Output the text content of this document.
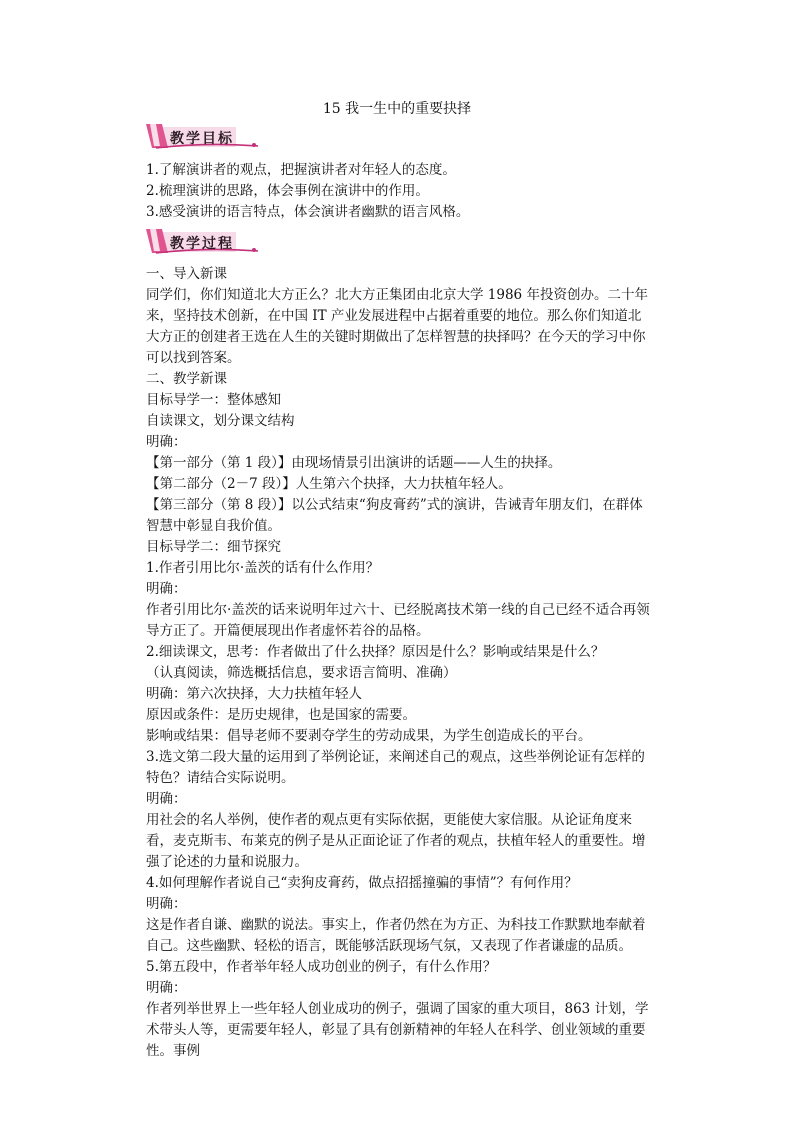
15 我一生中的重要抉择
教学目标
1.了解演讲者的观点，把握演讲者对年轻人的态度。
2.梳理演讲的思路，体会事例在演讲中的作用。
3.感受演讲的语言特点，体会演讲者幽默的语言风格。
教学过程

一、导入新课

同学们，你们知道北大方正么？北大方正集团由北京大学 1986 年投资创办。二十年来，坚持技术创新，在中国 IT 产业发展进程中占据着重要的地位。那么你们知道北大方正的创建者王选在人生的关键时期做出了怎样智慧的抉择吗？在今天的学习中你可以找到答案。

二、教学新课

目标导学一：整体感知

自读课文，划分课文结构

明确：

【第一部分（第 1 段）】由现场情景引出演讲的话题——人生的抉择。

【第二部分（2－7 段）】人生第六个抉择，大力扶植年轻人。

【第三部分（第 8 段）】以公式结束“狗皮膏药”式的演讲，告诫青年朋友们，在群体智慧中彰显自我价值。

目标导学二：细节探究

1.作者引用比尔·盖茨的话有什么作用？

明确：

作者引用比尔·盖茨的话来说明年过六十、已经脱离技术第一线的自己已经不适合再领导方正了。开篇便展现出作者虚怀若谷的品格。

2.细读课文，思考：作者做出了什么抉择？原因是什么？影响或结果是什么？

（认真阅读，筛选概括信息，要求语言简明、准确）

明确：第六次抉择，大力扶植年轻人

原因或条件：是历史规律，也是国家的需要。

影响或结果：倡导老师不要剥夺学生的劳动成果，为学生创造成长的平台。

3.选文第二段大量的运用到了举例论证，来阐述自己的观点，这些举例论证有怎样的特色？请结合实际说明。

明确：

用社会的名人举例，使作者的观点更有实际依据，更能使大家信服。从论证角度来看，麦克斯韦、布莱克的例子是从正面论证了作者的观点，扶植年轻人的重要性。增强了论述的力量和说服力。

4.如何理解作者说自己“卖狗皮膏药，做点招摇撞骗的事情”？有何作用？

明确：

这是作者自谦、幽默的说法。事实上，作者仍然在为方正、为科技工作默默地奉献着自己。这些幽默、轻松的语言，既能够活跃现场气氛，又表现了作者谦虚的品质。

5.第五段中，作者举年轻人成功创业的例子，有什么作用？

明确：

作者列举世界上一些年轻人创业成功的例子，强调了国家的重大项目，863 计划，学术带头人等，更需要年轻人，彰显了具有创新精神的年轻人在科学、创业领域的重要性。事例
